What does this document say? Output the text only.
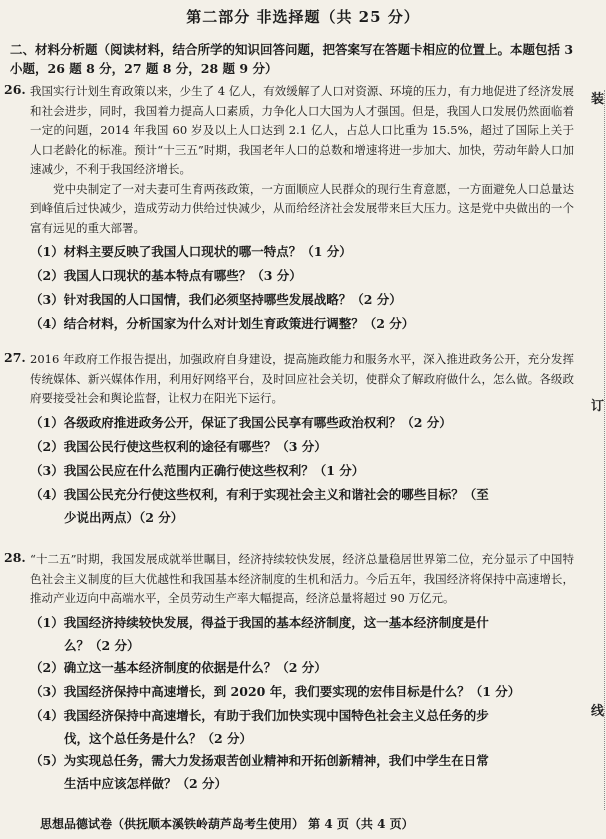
第二部分 非选择题（共 25 分）
二、材料分析题（阅读材料，结合所学的知识回答问题，把答案写在答题卡相应的位置上。本题包括 3 小题，26 题 8 分，27 题 8 分，28 题 9 分）
26. 我国实行计划生育政策以来，少生了 4 亿人，有效缓解了人口对资源、环境的压力，有力地促进了经济发展和社会进步，同时，我国着力提高人口素质，力争化人口大国为人才强国。但是，我国人口发展仍然面临着一定的问题，2014 年我国 60 岁及以上人口达到 2.1 亿人，占总人口比重为 15.5%，超过了国际上关于人口老龄化的标准。预计“十三五”时期，我国老年人口的总数和增速将进一步加大、加快，劳动年龄人口加速减少，不利于我国经济增长。
党中央制定了一对夫妻可生育两孩政策，一方面顺应人民群众的现行生育意愿，一方面避免人口总量达到峰值后过快减少，造成劳动力供给过快减少，从而给经济社会发展带来巨大压力。这是党中央做出的一个富有远见的重大部署。
（1）材料主要反映了我国人口现状的哪一特点？（1 分）
（2）我国人口现状的基本特点有哪些？（3 分）
（3）针对我国的人口国情，我们必须坚持哪些发展战略？（2 分）
（4）结合材料，分析国家为什么对计划生育政策进行调整？（2 分）
27. 2016 年政府工作报告提出，加强政府自身建设，提高施政能力和服务水平，深入推进政务公开，充分发挥传统媒体、新兴媒体作用，利用好网络平台，及时回应社会关切，使群众了解政府做什么，怎么做。各级政府要接受社会和舆论监督，让权力在阳光下运行。
（1）各级政府推进政务公开，保证了我国公民享有哪些政治权利？（2 分）
（2）我国公民行使这些权利的途径有哪些？（3 分）
（3）我国公民应在什么范围内正确行使这些权利？（1 分）
（4）我国公民充分行使这些权利，有利于实现社会主义和谐社会的哪些目标？（至
少说出两点）（2 分）
28. “十二五”时期，我国发展成就举世瞩目，经济持续较快发展，经济总量稳居世界第二位，充分显示了中国特色社会主义制度的巨大优越性和我国基本经济制度的生机和活力。今后五年，我国经济将保持中高速增长，推动产业迈向中高端水平，全员劳动生产率大幅提高，经济总量将超过 90 万亿元。
（1）我国经济持续较快发展，得益于我国的基本经济制度，这一基本经济制度是什
么？（2 分）
（2）确立这一基本经济制度的依据是什么？（2 分）
（3）我国经济保持中高速增长，到 2020 年，我们要实现的宏伟目标是什么？（1 分）
（4）我国经济保持中高速增长，有助于我们加快实现中国特色社会主义总任务的步
伐，这个总任务是什么？（2 分）
（5）为实现总任务，需大力发扬艰苦创业精神和开拓创新精神，我们中学生在日常
生活中应该怎样做？（2 分）
思想品德试卷（供抚顺本溪铁岭葫芦岛考生使用） 第 4 页（共 4 页）
装
订
线
